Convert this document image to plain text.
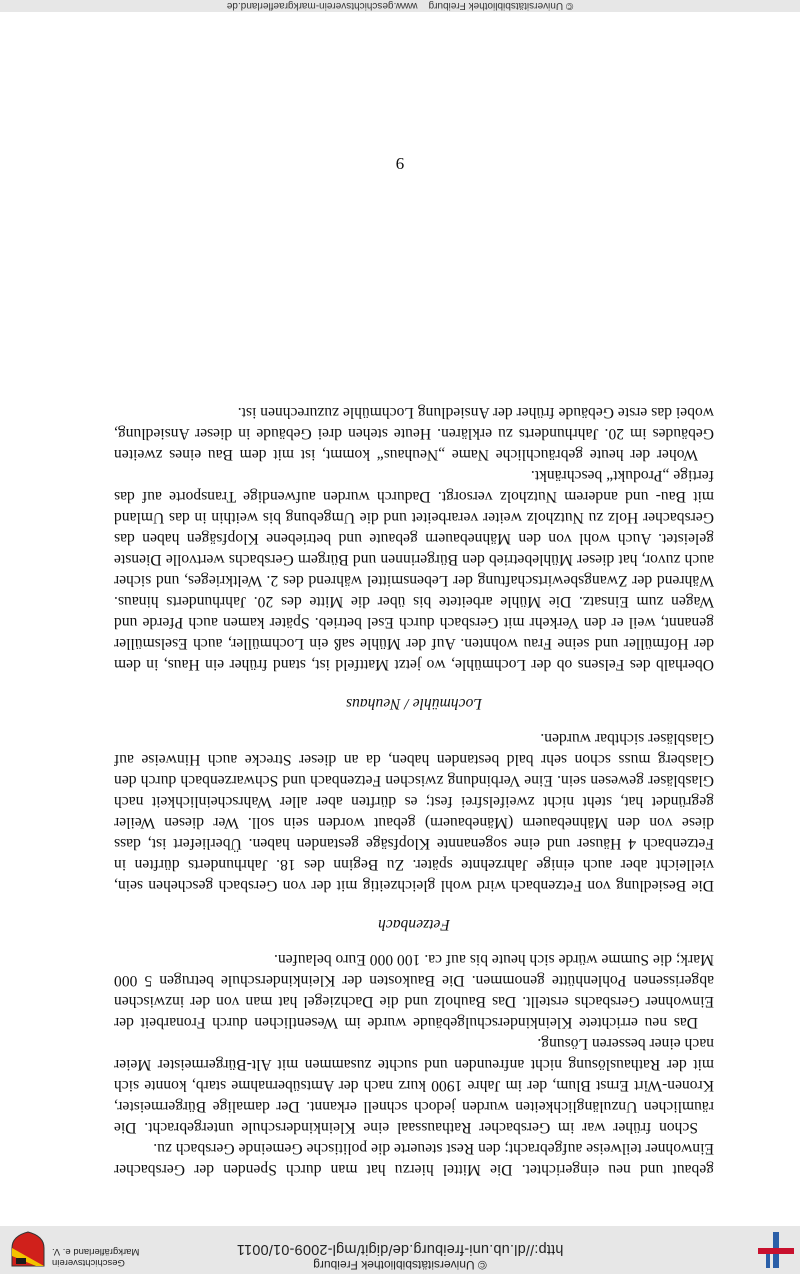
© Universitätsbibliothek Freiburg
http://dl.ub.uni-freiburg.de/digit/mgl-2009-01/0011
Geschichtsverein
Markgräflerland e. V.

gebaut und neu eingerichtet. Die Mittel hierzu hat man durch Spenden der Gersbacher Einwohner teilweise aufgebracht; den Rest steuerte die politische Gemeinde Gersbach zu.

Schon früher war im Gersbacher Rathaussaal eine Kleinkinderschule untergebracht. Die räumlichen Unzulänglichkeiten wurden jedoch schnell erkannt. Der damalige Bürgermeister, Kronen-Wirt Ernst Blum, der im Jahre 1900 kurz nach der Amtsübernahme starb, konnte sich mit der Rathauslösung nicht anfreunden und suchte zusammen mit Alt-Bürgermeister Meier nach einer besseren Lösung.

Das neu errichtete Kleinkinderschulgebäude wurde im Wesentlichen durch Fronarbeit der Einwohner Gersbachs erstellt. Das Bauholz und die Dachziegel hat man von der inzwischen abgerissenen Pohlenhütte genommen. Die Baukosten der Kleinkinderschule betrugen 5 000 Mark; die Summe würde sich heute bis auf ca. 100 000 Euro belaufen.

Fetzenbach

Die Besiedlung von Fetzenbach wird wohl gleichzeitig mit der von Gersbach geschehen sein, vielleicht aber auch einige Jahrzehnte später. Zu Beginn des 18. Jahrhunderts dürften in Fetzenbach 4 Häuser und eine sogenannte Klopfsäge gestanden haben. Überliefert ist, dass diese von den Mähnebauern (Mänebauern) gebaut worden sein soll. Wer diesen Weiler gegründet hat, steht nicht zweifelsfrei fest; es dürften aber aller Wahrscheinlichkeit nach Glasbläser gewesen sein. Eine Verbindung zwischen Fetzenbach und Schwarzenbach durch den Glasberg muss schon sehr bald bestanden haben, da an dieser Strecke auch Hinweise auf Glasbläser sichtbar wurden.

Lochmühle / Neuhaus

Oberhalb des Felsens ob der Lochmühle, wo jetzt Mattfeld ist, stand früher ein Haus, in dem der Hofmüller und seine Frau wohnten. Auf der Mühle saß ein Lochmüller, auch Eselsmüller genannt, weil er den Verkehr mit Gersbach durch Esel betrieb. Später kamen auch Pferde und Wagen zum Einsatz. Die Mühle arbeitete bis über die Mitte des 20. Jahrhunderts hinaus. Während der Zwangsbewirtschaftung der Lebensmittel während des 2. Weltkrieges, und sicher auch zuvor, hat dieser Mühlebetrieb den Bürgerinnen und Bürgern Gersbachs wertvolle Dienste geleistet. Auch wohl von den Mähnebauern gebaute und betriebene Klopfsägen haben das Gersbacher Holz zu Nutzholz weiter verarbeitet und die Umgebung bis weithin in das Umland mit Bau- und anderem Nutzholz versorgt. Dadurch wurden aufwendige Transporte auf das fertige „Produkt“ beschränkt.

Woher der heute gebräuchliche Name „Neuhaus“ kommt, ist mit dem Bau eines zweiten Gebäudes im 20. Jahrhunderts zu erklären. Heute stehen drei Gebäude in dieser Ansiedlung, wobei das erste Gebäude früher der Ansiedlung Lochmühle zuzurechnen ist.

9
© Universitätsbibliothek Freiburg    www.geschichtsverein-markgraeflerland.de
